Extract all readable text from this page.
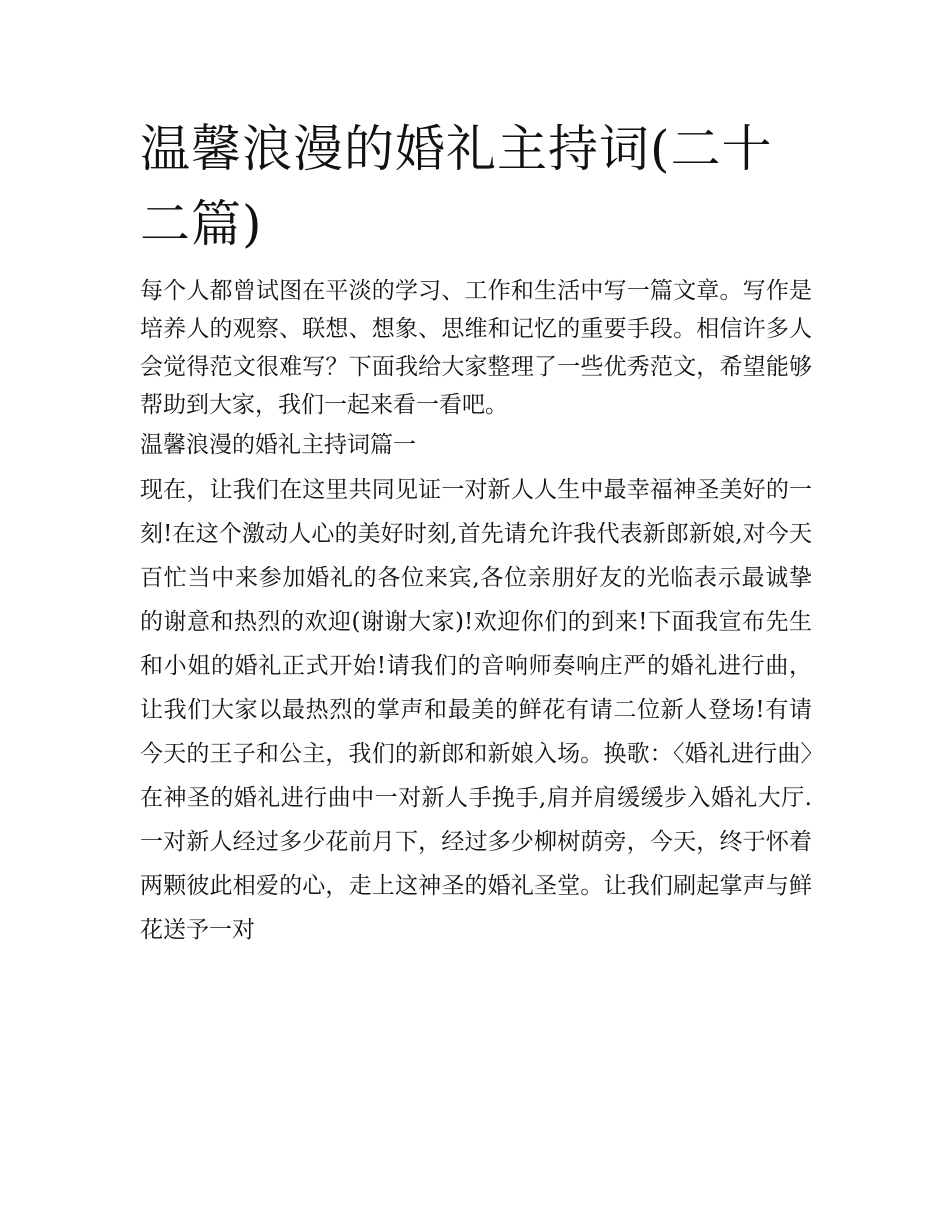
温馨浪漫的婚礼主持词(二十二篇)

每个人都曾试图在平淡的学习、工作和生活中写一篇文章。写作是培养人的观察、联想、想象、思维和记忆的重要手段。相信许多人会觉得范文很难写？下面我给大家整理了一些优秀范文，希望能够帮助到大家，我们一起来看一看吧。

温馨浪漫的婚礼主持词篇一

现在，让我们在这里共同见证一对新人人生中最幸福神圣美好的一刻!在这个激动人心的美好时刻,首先请允许我代表新郎新娘,对今天百忙当中来参加婚礼的各位来宾,各位亲朋好友的光临表示最诚挚的谢意和热烈的欢迎(谢谢大家)!欢迎你们的到来!下面我宣布先生和小姐的婚礼正式开始!请我们的音响师奏响庄严的婚礼进行曲，让我们大家以最热烈的掌声和最美的鲜花有请二位新人登场!有请今天的王子和公主，我们的新郎和新娘入场。换歌：〈婚礼进行曲〉在神圣的婚礼进行曲中一对新人手挽手,肩并肩缓缓步入婚礼大厅.一对新人经过多少花前月下，经过多少柳树荫旁，今天，终于怀着两颗彼此相爱的心，走上这神圣的婚礼圣堂。让我们刷起掌声与鲜花送予一对
